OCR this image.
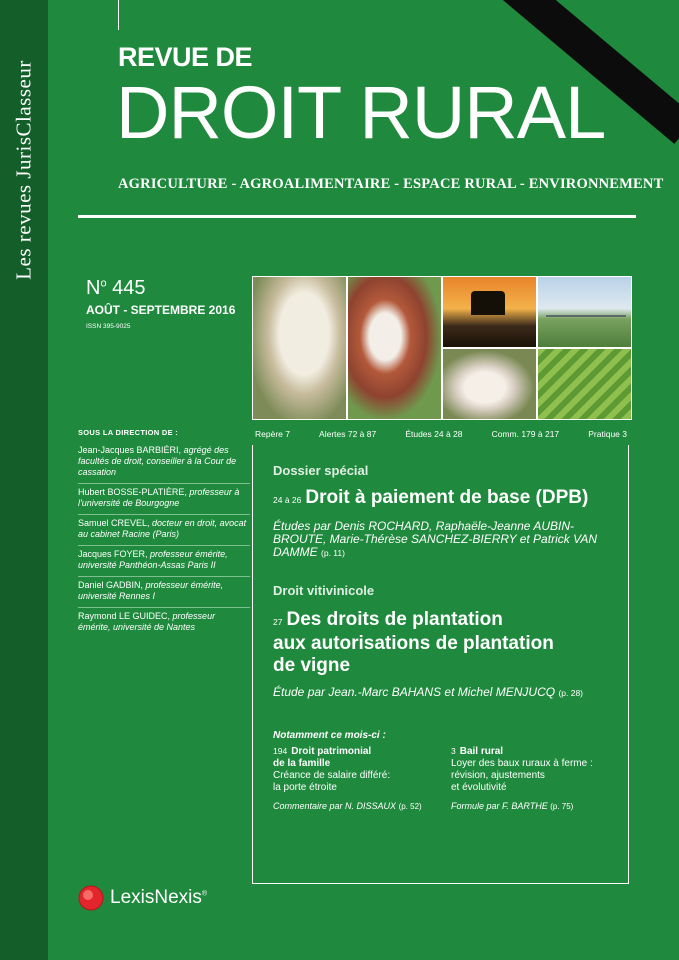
Les revues JurisClasseur
REVUE DE
DROIT RURAL
AGRICULTURE - AGROALIMENTAIRE - ESPACE RURAL - ENVIRONNEMENT
$N^o$ 445
AOÛT - SEPTEMBRE 2016
ISSN 395-9025
SOUS LA DIRECTION DE :
Jean-Jacques BARBIÉRI, agrégé des facultés de droit, conseiller à la Cour de cassation
Hubert BOSSE-PLATIÈRE, professeur à l'université de Bourgogne
Samuel CREVEL, docteur en droit, avocat au cabinet Racine (Paris)
Jacques FOYER, professeur émérite, université Panthéon-Assas Paris II
Daniel GADBIN, professeur émérite, université Rennes I
Raymond LE GUIDEC, professeur émérite, université de Nantes
Repère 7	Alertes 72 à 87	Études 24 à 28	Comm. 179 à 217	Pratique 3
Dossier spécial
24 à 26 Droit à paiement de base (DPB)
Études par Denis ROCHARD, Raphaële-Jeanne AUBIN-BROUTE, Marie-Thérèse SANCHEZ-BIERRY et Patrick VAN DAMME (p. 11)
Droit vitivinicole
27 Des droits de plantation
aux autorisations de plantation
de vigne
Étude par Jean.-Marc BAHANS et Michel MENJUCQ (p. 28)
Notamment ce mois-ci :
194 Droit patrimonial
de la famille
Créance de salaire différé:
la porte étroite
Commentaire par N. DISSAUX (p. 52)
3 Bail rural
Loyer des baux ruraux à ferme :
révision, ajustements
et évolutivité
Formule par F. BARTHE (p. 75)
LexisNexis®
